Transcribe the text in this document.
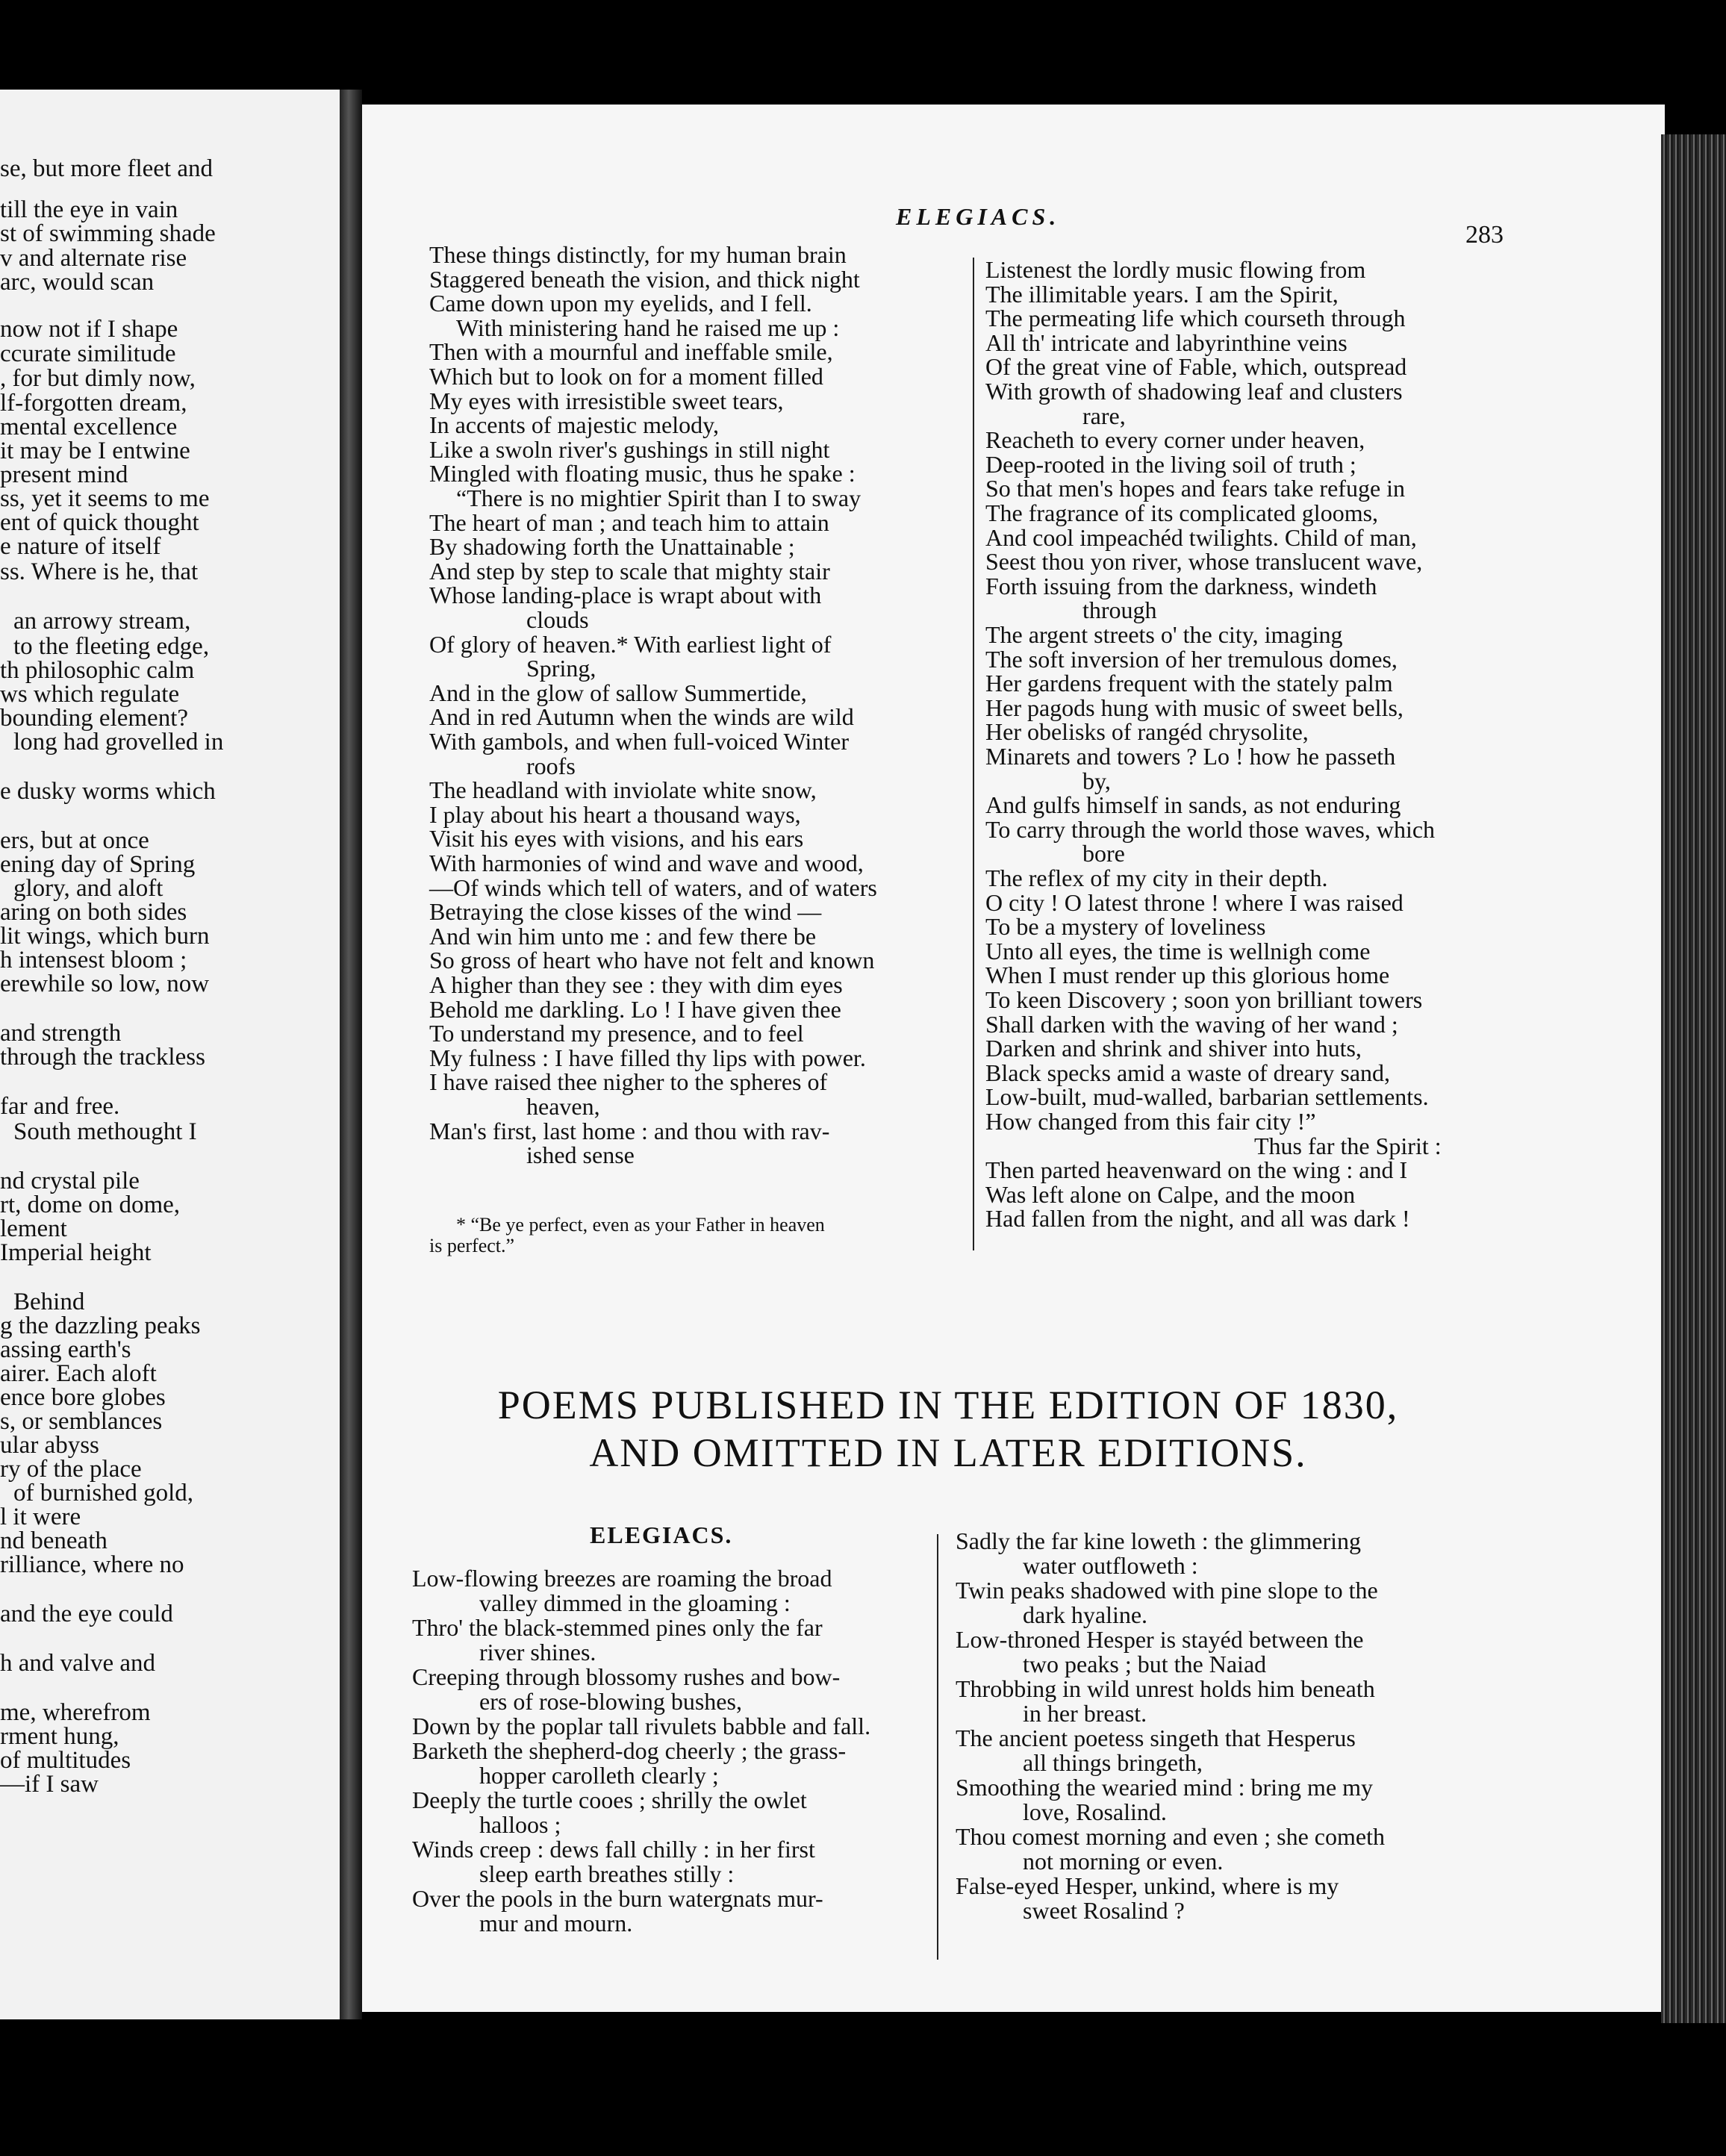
se, but more fleet and
till the eye in vain
st of swimming shade
v and alternate rise
arc, would scan
now not if I shape
ccurate similitude
, for but dimly now,
lf-forgotten dream,
mental excellence
it may be I entwine
present mind
ss, yet it seems to me
ent of quick thought
e nature of itself
ss. Where is he, that
an arrowy stream,
to the fleeting edge,
th philosophic calm
ws which regulate
bounding element?
long had grovelled in
e dusky worms which
ers, but at once
ening day of Spring
glory, and aloft
aring on both sides
lit wings, which burn
h intensest bloom ;
erewhile so low, now
and strength
through the trackless
far and free.
South methought I
nd crystal pile
rt, dome on dome,
lement
Imperial height
Behind
g the dazzling peaks
assing earth's
airer. Each aloft
ence bore globes
s, or semblances
ular abyss
ry of the place
of burnished gold,
l it were
nd beneath
rilliance, where no
and the eye could
h and valve and
me, wherefrom
rment hung,
of multitudes
—if I saw
ELEGIACS.
283
These things distinctly, for my human brain
Staggered beneath the vision, and thick night
Came down upon my eyelids, and I fell.
With ministering hand he raised me up :
Then with a mournful and ineffable smile,
Which but to look on for a moment filled
My eyes with irresistible sweet tears,
In accents of majestic melody,
Like a swoln river's gushings in still night
Mingled with floating music, thus he spake :
“There is no mightier Spirit than I to sway
The heart of man ; and teach him to attain
By shadowing forth the Unattainable ;
And step by step to scale that mighty stair
Whose landing-place is wrapt about with
clouds
Of glory of heaven.* With earliest light of
Spring,
And in the glow of sallow Summertide,
And in red Autumn when the winds are wild
With gambols, and when full-voiced Winter
roofs
The headland with inviolate white snow,
I play about his heart a thousand ways,
Visit his eyes with visions, and his ears
With harmonies of wind and wave and wood,
—Of winds which tell of waters, and of waters
Betraying the close kisses of the wind —
And win him unto me : and few there be
So gross of heart who have not felt and known
A higher than they see : they with dim eyes
Behold me darkling. Lo ! I have given thee
To understand my presence, and to feel
My fulness : I have filled thy lips with power.
I have raised thee nigher to the spheres of
heaven,
Man's first, last home : and thou with rav-
ished sense
* “Be ye perfect, even as your Father in heaven
is perfect.”
Listenest the lordly music flowing from
The illimitable years. I am the Spirit,
The permeating life which courseth through
All th' intricate and labyrinthine veins
Of the great vine of Fable, which, outspread
With growth of shadowing leaf and clusters
rare,
Reacheth to every corner under heaven,
Deep-rooted in the living soil of truth ;
So that men's hopes and fears take refuge in
The fragrance of its complicated glooms,
And cool impeachéd twilights. Child of man,
Seest thou yon river, whose translucent wave,
Forth issuing from the darkness, windeth
through
The argent streets o' the city, imaging
The soft inversion of her tremulous domes,
Her gardens frequent with the stately palm
Her pagods hung with music of sweet bells,
Her obelisks of rangéd chrysolite,
Minarets and towers ? Lo ! how he passeth
by,
And gulfs himself in sands, as not enduring
To carry through the world those waves, which
bore
The reflex of my city in their depth.
O city ! O latest throne ! where I was raised
To be a mystery of loveliness
Unto all eyes, the time is wellnigh come
When I must render up this glorious home
To keen Discovery ; soon yon brilliant towers
Shall darken with the waving of her wand ;
Darken and shrink and shiver into huts,
Black specks amid a waste of dreary sand,
Low-built, mud-walled, barbarian settlements.
How changed from this fair city !”
Thus far the Spirit :
Then parted heavenward on the wing : and I
Was left alone on Calpe, and the moon
Had fallen from the night, and all was dark !
POEMS PUBLISHED IN THE EDITION OF 1830,
AND OMITTED IN LATER EDITIONS.
ELEGIACS.
Low-flowing breezes are roaming the broad
valley dimmed in the gloaming :
Thro' the black-stemmed pines only the far
river shines.
Creeping through blossomy rushes and bow-
ers of rose-blowing bushes,
Down by the poplar tall rivulets babble and fall.
Barketh the shepherd-dog cheerly ; the grass-
hopper carolleth clearly ;
Deeply the turtle cooes ; shrilly the owlet
halloos ;
Winds creep : dews fall chilly : in her first
sleep earth breathes stilly :
Over the pools in the burn watergnats mur-
mur and mourn.
Sadly the far kine loweth : the glimmering
water outfloweth :
Twin peaks shadowed with pine slope to the
dark hyaline.
Low-throned Hesper is stayéd between the
two peaks ; but the Naiad
Throbbing in wild unrest holds him beneath
in her breast.
The ancient poetess singeth that Hesperus
all things bringeth,
Smoothing the wearied mind : bring me my
love, Rosalind.
Thou comest morning and even ; she cometh
not morning or even.
False-eyed Hesper, unkind, where is my
sweet Rosalind ?
